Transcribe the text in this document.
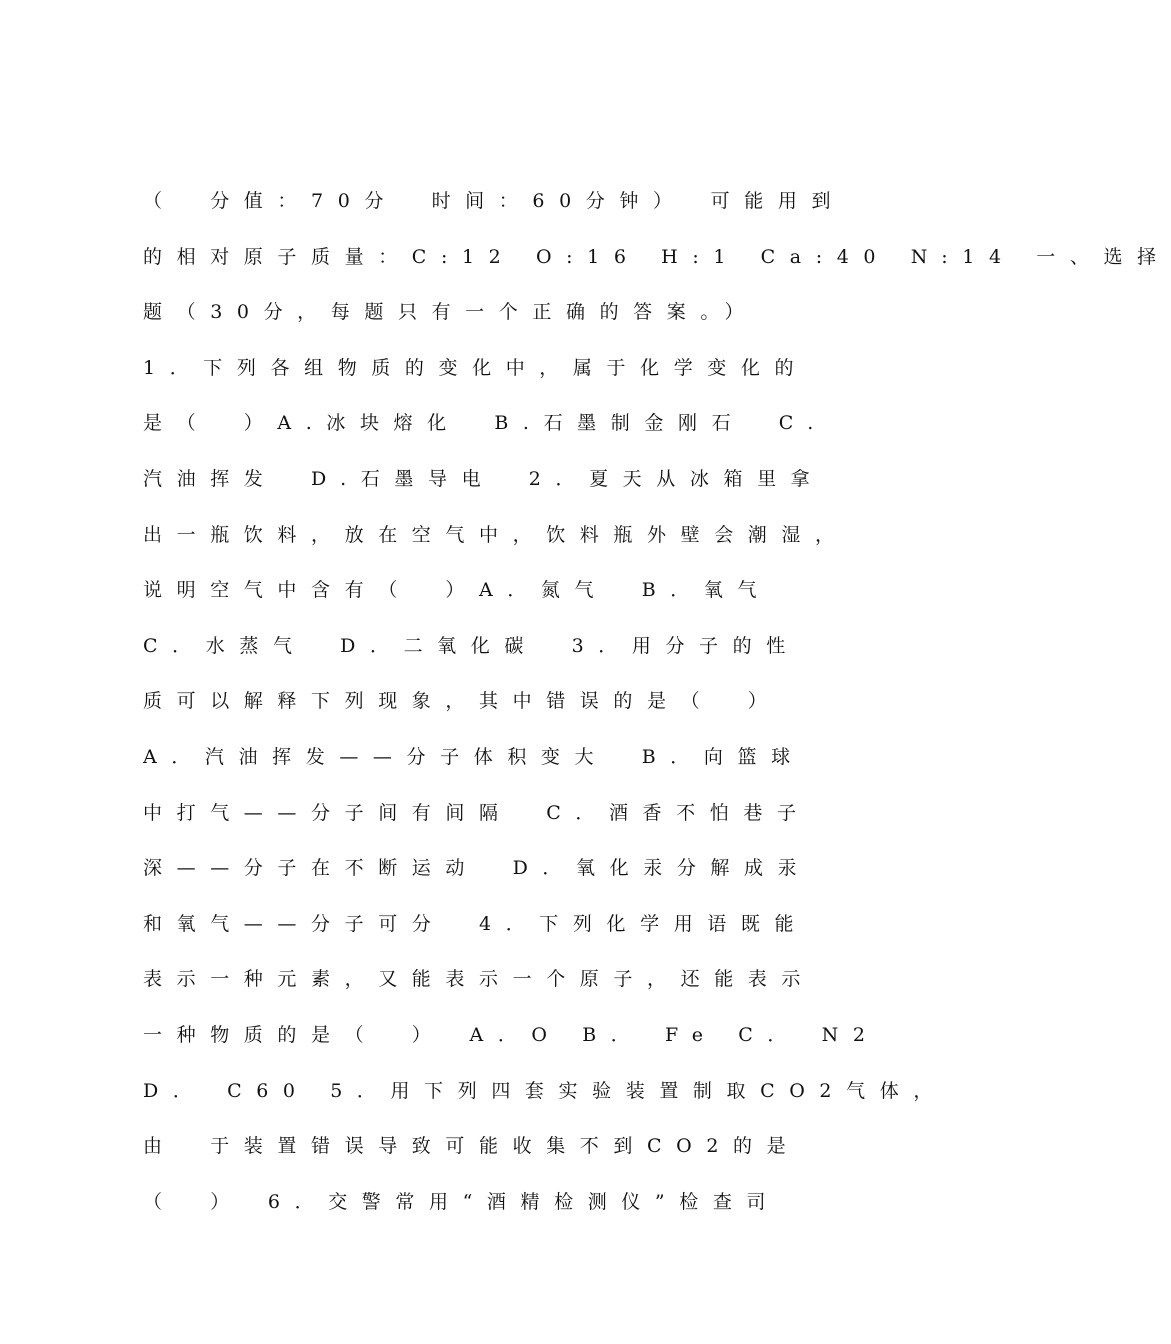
（　分值：70分　时间：60分钟）　可能用到
的相对原子质量：C:12 O:16 H:1 Ca:40 N:14 一、选择
题（30分，每题只有一个正确的答案。）
1．下列各组物质的变化中，属于化学变化的
是（　）A.冰块熔化　B.石墨制金刚石　C.
汽油挥发　D.石墨导电　2．夏天从冰箱里拿
出一瓶饮料，放在空气中，饮料瓶外壁会潮湿，
说明空气中含有（　）A．氮气　B．氧气
C．水蒸气　D．二氧化碳　3．用分子的性
质可以解释下列现象，其中错误的是（　）
A．汽油挥发——分子体积变大　B．向篮球
中打气——分子间有间隔　C．酒香不怕巷子
深——分子在不断运动　D．氧化汞分解成汞
和氧气——分子可分　4．下列化学用语既能
表示一种元素，又能表示一个原子，还能表示
一种物质的是（　）　A．O B． Fe C． N2
D． C60 5．用下列四套实验装置制取CO2气体，
由　于装置错误导致可能收集不到CO2的是
（　）　6．交警常用“酒精检测仪”检查司
